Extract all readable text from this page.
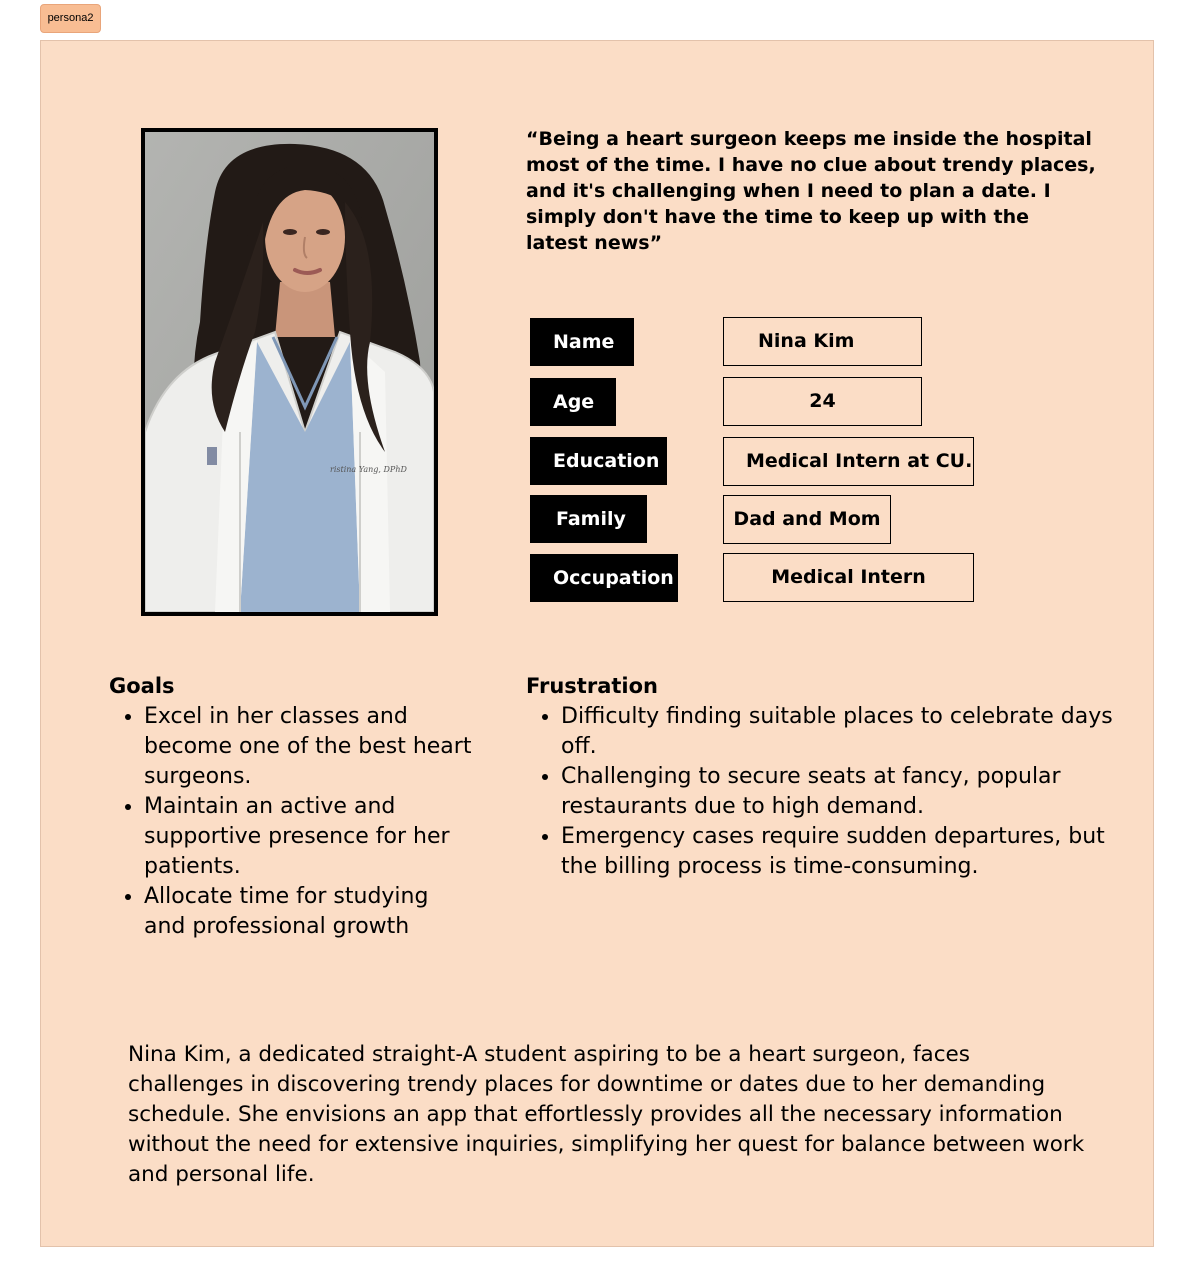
persona2
ristina Yang, DPhD

“Being a heart surgeon keeps me inside the hospital most of the time. I have no clue about trendy places, and it's challenging when I need to plan a date. I simply don't have the time to keep up with the latest news”

Name
Age
Education
Family
Occupation
Nina Kim
24
Medical Intern at CU.
Dad and Mom
Medical Intern
Goals
• Excel in her classes and become one of the best heart surgeons.
• Maintain an active and supportive presence for her patients.
• Allocate time for studying and professional growth
Frustration
• Difficulty finding suitable places to celebrate days off.
• Challenging to secure seats at fancy, popular restaurants due to high demand.
• Emergency cases require sudden departures, but the billing process is time-consuming.

Nina Kim, a dedicated straight-A student aspiring to be a heart surgeon, faces challenges in discovering trendy places for downtime or dates due to her demanding schedule. She envisions an app that effortlessly provides all the necessary information without the need for extensive inquiries, simplifying her quest for balance between work and personal life.
